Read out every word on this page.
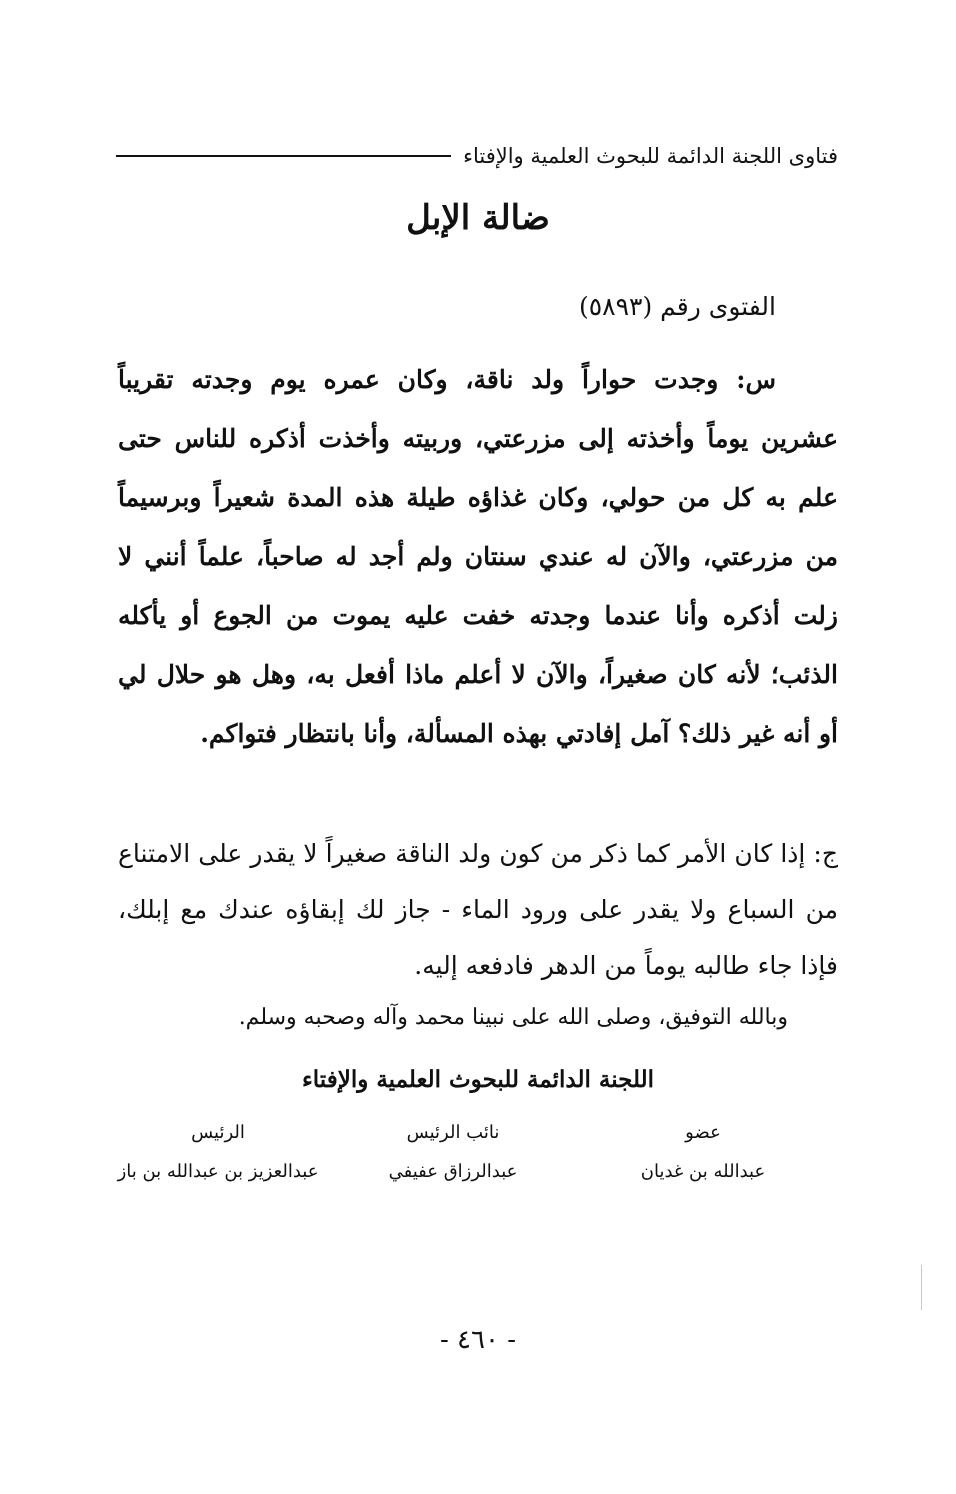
فتاوى اللجنة الدائمة للبحوث العلمية والإفتاء
ضالة الإبل
الفتوى رقم (٥٨٩٣)
س: وجدت حواراً ولد ناقة، وكان عمره يوم وجدته تقريباً عشرين يوماً وأخذته إلى مزرعتي، وربيته وأخذت أذكره للناس حتى علم به كل من حولي، وكان غذاؤه طيلة هذه المدة شعيراً وبرسيماً من مزرعتي، والآن له عندي سنتان ولم أجد له صاحباً، علماً أنني لا زلت أذكره وأنا عندما وجدته خفت عليه يموت من الجوع أو يأكله الذئب؛ لأنه كان صغيراً، والآن لا أعلم ماذا أفعل به، وهل هو حلال لي أو أنه غير ذلك؟ آمل إفادتي بهذه المسألة، وأنا بانتظار فتواكم.
ج: إذا كان الأمر كما ذكر من كون ولد الناقة صغيراً لا يقدر على الامتناع من السباع ولا يقدر على ورود الماء - جاز لك إبقاؤه عندك مع إبلك، فإذا جاء طالبه يوماً من الدهر فادفعه إليه.
وبالله التوفيق، وصلى الله على نبينا محمد وآله وصحبه وسلم.
اللجنة الدائمة للبحوث العلمية والإفتاء
عضو
عبدالله بن غديان
نائب الرئيس
عبدالرزاق عفيفي
الرئيس
عبدالعزيز بن عبدالله بن باز
- ٤٦٠ -
